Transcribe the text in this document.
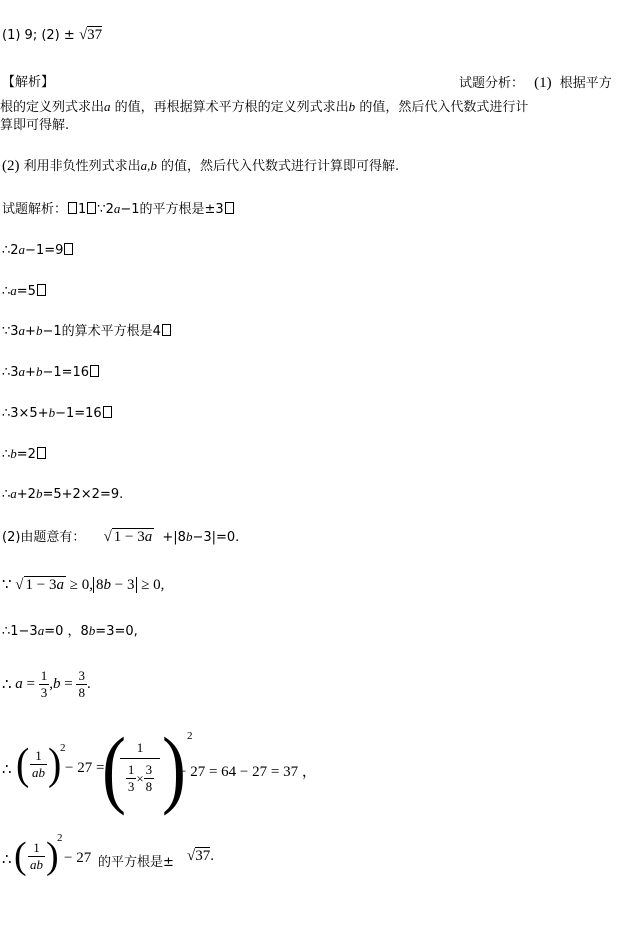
(1) 9; (2) ± √37
【解析】	试题分析： (1) 根据平方
根的定义列式求出a 的值，再根据算术平方根的定义列式求出b 的值，然后代入代数式进行计
算即可得解.
(2) 利用非负性列式求出a,b 的值，然后代入代数式进行计算即可得解.
试题解析： 1 ∵2a−1的平方根是±3
∴2a−1=9
∴a=5
∵3a+b−1的算术平方根是4
∴3a+b−1=16
∴3×5+b−1=16
∴b=2
∴a+2b=5+2×2=9.
(2)由题意有： √ 1 − 3a +|8b−3|=0.
∵ √ 1 − 3a ≥ 0, 8b − 3 ≥ 0,
∴1−3a=0 ，8b=3=0,
∴ $a = \frac{1}{3} ,b = \frac{3}{8}$ .
∴ ( $\frac{1}{ab}$ )
2
− 27 =
( 1
$\frac{1}{3} \times \frac{3}{8}$ ) 2
− 27 = 64 − 27 = 37 ，
∴ ( $\frac{1}{ab}$ )
2
− 27 的平方根是± √37.
